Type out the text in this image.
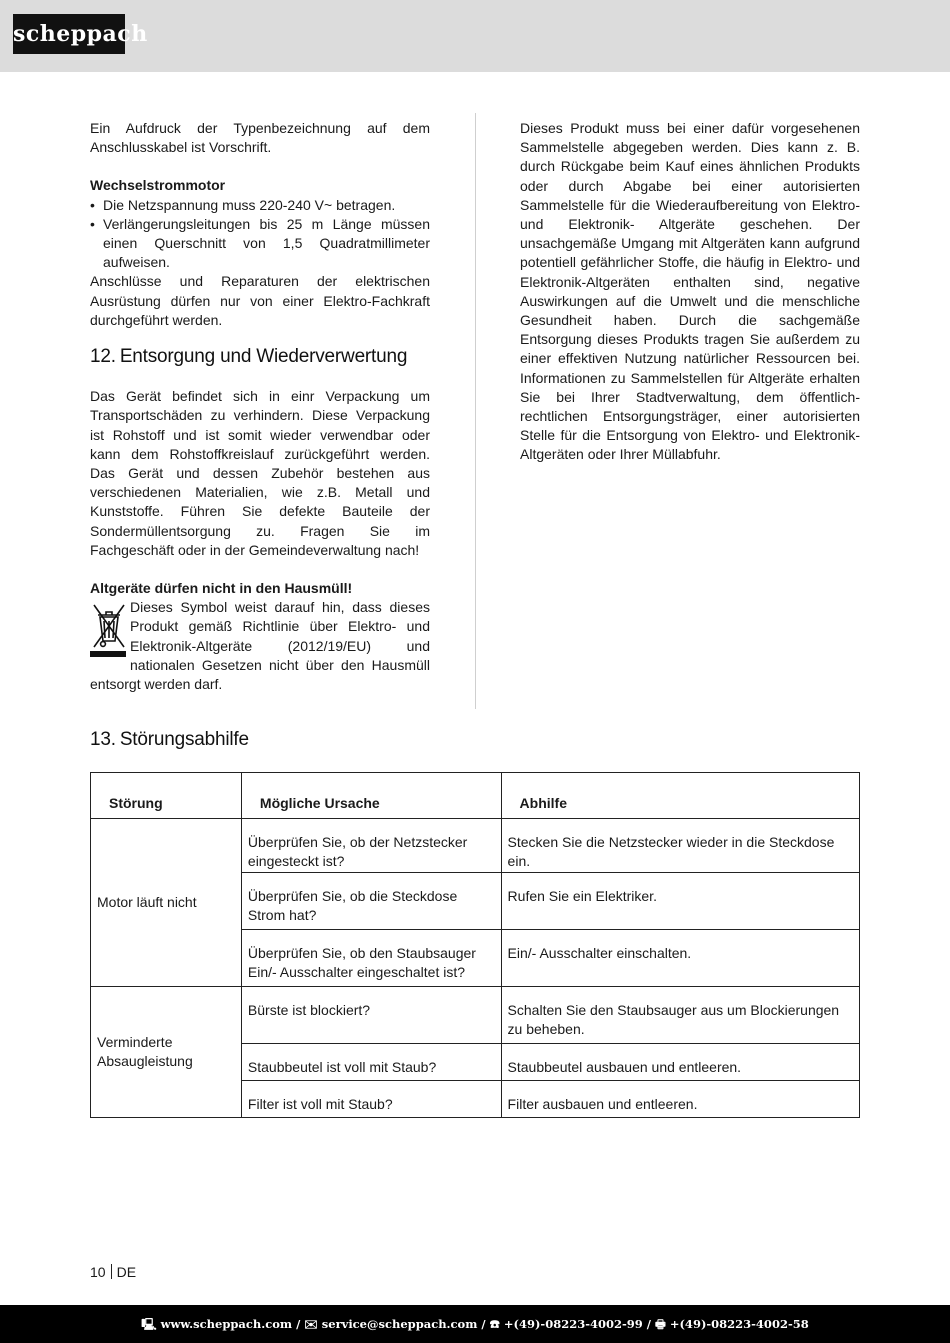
scheppach

Ein Aufdruck der Typenbezeichnung auf dem Anschlusskabel ist Vorschrift.

Wechselstrommotor

• Die Netzspannung muss 220-240 V~ betragen.
• Verlängerungsleitungen bis 25 m Länge müssen einen Querschnitt von 1,5 Quadratmillimeter aufweisen.

Anschlüsse und Reparaturen der elektrischen Ausrüstung dürfen nur von einer Elektro-Fachkraft durchgeführt werden.

12. Entsorgung und Wiederverwertung

Das Gerät befindet sich in einr Verpackung um Transportschäden zu verhindern. Diese Verpackung ist Rohstoff und ist somit wieder verwendbar oder kann dem Rohstoffkreislauf zurückgeführt werden. Das Gerät und dessen Zubehör bestehen aus verschiedenen Materialien, wie z.B. Metall und Kunststoffe. Führen Sie defekte Bauteile der Sondermüllentsorgung zu. Fragen Sie im Fachgeschäft oder in der Gemeindeverwaltung nach!

Altgeräte dürfen nicht in den Hausmüll!

Dieses Symbol weist darauf hin, dass dieses Produkt gemäß Richtlinie über Elektro- und Elektronik-Altgeräte (2012/19/EU) und nationalen Gesetzen nicht über den Hausmüll entsorgt werden darf.

Dieses Produkt muss bei einer dafür vorgesehenen Sammelstelle abgegeben werden. Dies kann z. B. durch Rückgabe beim Kauf eines ähnlichen Produkts oder durch Abgabe bei einer autorisierten Sammelstelle für die Wiederaufbereitung von Elektro- und Elektronik- Altgeräte geschehen. Der unsachgemäße Umgang mit Altgeräten kann aufgrund potentiell gefährlicher Stoffe, die häufig in Elektro- und Elektronik-Altgeräten enthalten sind, negative Auswirkungen auf die Umwelt und die menschliche Gesundheit haben. Durch die sachgemäße Entsorgung dieses Produkts tragen Sie außerdem zu einer effektiven Nutzung natürlicher Ressourcen bei. Informationen zu Sammelstellen für Altgeräte erhalten Sie bei Ihrer Stadtverwaltung, dem öffentlich-rechtlichen Entsorgungsträger, einer autorisierten Stelle für die Entsorgung von Elektro- und Elektronik-Altgeräten oder Ihrer Müllabfuhr.

13. Störungsabhilfe
Störung	Mögliche Ursache	Abhilfe
Motor läuft nicht	Überprüfen Sie, ob der Netzstecker eingesteckt ist?	Stecken Sie die Netzstecker wieder in die Steckdose ein.
	Überprüfen Sie, ob die Steckdose Strom hat?	Rufen Sie ein Elektriker.
	Überprüfen Sie, ob den Staubsauger Ein/- Ausschalter eingeschaltet ist?	Ein/- Ausschalter einschalten.
Verminderte Absaugleistung	Bürste ist blockiert?	Schalten Sie den Staubsauger aus um Blockierungen zu beheben.
	Staubbeutel ist voll mit Staub?	Staubbeutel ausbauen und entleeren.
	Filter ist voll mit Staub?	Filter ausbauen und entleeren.
10 DE
🖳 www.scheppach.com / ✉ service@scheppach.com / ☎ +(49)-08223-4002-99 / 🖶 +(49)-08223-4002-58
